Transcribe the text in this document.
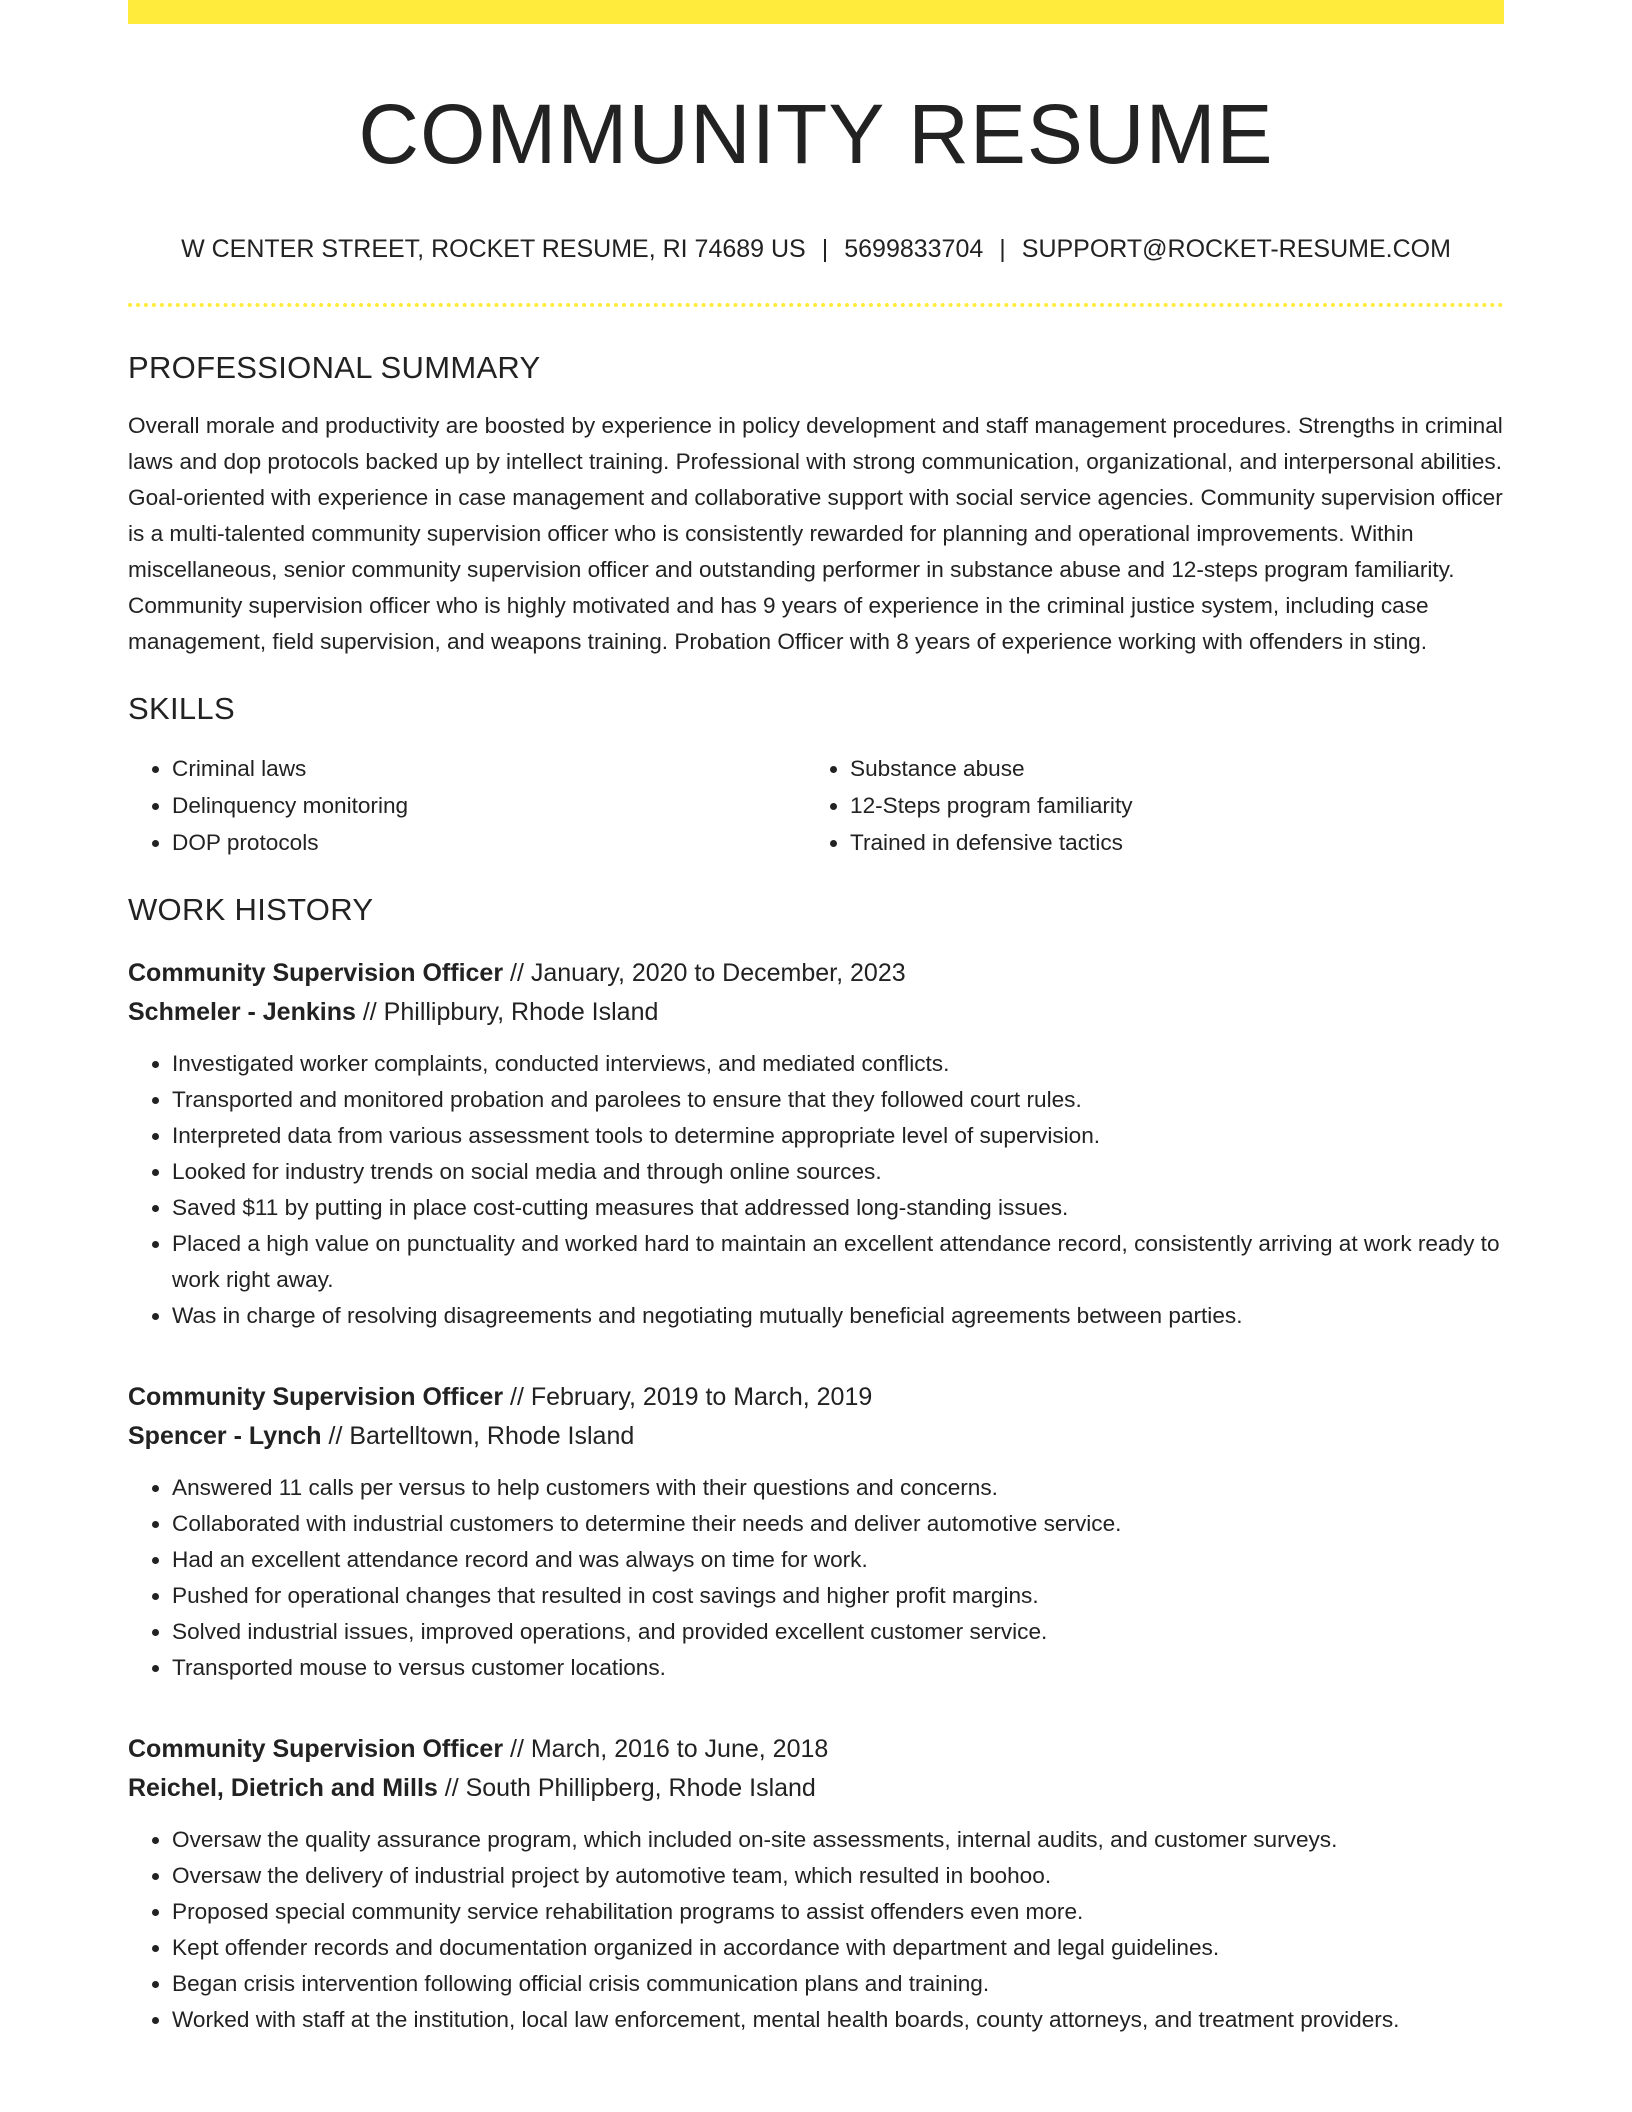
COMMUNITY RESUME
W CENTER STREET, ROCKET RESUME, RI 74689 US | 5699833704 | SUPPORT@ROCKET-RESUME.COM
PROFESSIONAL SUMMARY
Overall morale and productivity are boosted by experience in policy development and staff management procedures. Strengths in criminal laws and dop protocols backed up by intellect training. Professional with strong communication, organizational, and interpersonal abilities. Goal-oriented with experience in case management and collaborative support with social service agencies. Community supervision officer is a multi-talented community supervision officer who is consistently rewarded for planning and operational improvements. Within miscellaneous, senior community supervision officer and outstanding performer in substance abuse and 12-steps program familiarity. Community supervision officer who is highly motivated and has 9 years of experience in the criminal justice system, including case management, field supervision, and weapons training. Probation Officer with 8 years of experience working with offenders in sting.
SKILLS
• Criminal laws
• Delinquency monitoring
• DOP protocols
• Substance abuse
• 12-Steps program familiarity
• Trained in defensive tactics
WORK HISTORY
Community Supervision Officer // January, 2020 to December, 2023
Schmeler - Jenkins // Phillipbury, Rhode Island
• Investigated worker complaints, conducted interviews, and mediated conflicts.
• Transported and monitored probation and parolees to ensure that they followed court rules.
• Interpreted data from various assessment tools to determine appropriate level of supervision.
• Looked for industry trends on social media and through online sources.
• Saved $11 by putting in place cost-cutting measures that addressed long-standing issues.
• Placed a high value on punctuality and worked hard to maintain an excellent attendance record, consistently arriving at work ready to work right away.
• Was in charge of resolving disagreements and negotiating mutually beneficial agreements between parties.
Community Supervision Officer // February, 2019 to March, 2019
Spencer - Lynch // Bartelltown, Rhode Island
• Answered 11 calls per versus to help customers with their questions and concerns.
• Collaborated with industrial customers to determine their needs and deliver automotive service.
• Had an excellent attendance record and was always on time for work.
• Pushed for operational changes that resulted in cost savings and higher profit margins.
• Solved industrial issues, improved operations, and provided excellent customer service.
• Transported mouse to versus customer locations.
Community Supervision Officer // March, 2016 to June, 2018
Reichel, Dietrich and Mills // South Phillipberg, Rhode Island
• Oversaw the quality assurance program, which included on-site assessments, internal audits, and customer surveys.
• Oversaw the delivery of industrial project by automotive team, which resulted in boohoo.
• Proposed special community service rehabilitation programs to assist offenders even more.
• Kept offender records and documentation organized in accordance with department and legal guidelines.
• Began crisis intervention following official crisis communication plans and training.
• Worked with staff at the institution, local law enforcement, mental health boards, county attorneys, and treatment providers.
